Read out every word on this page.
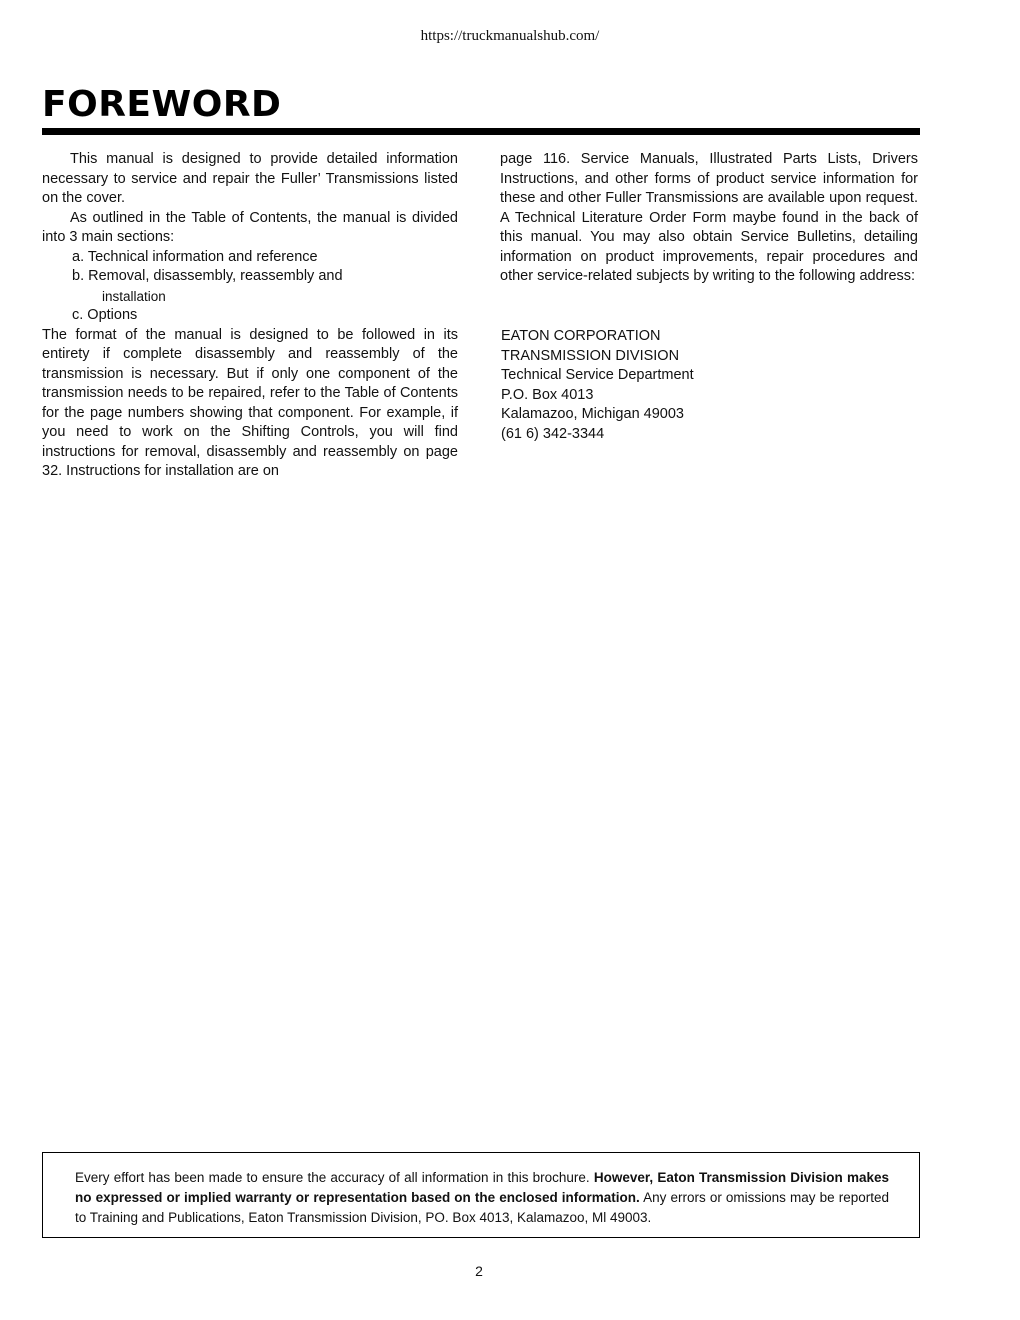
https://truckmanualshub.com/
FOREWORD

This manual is designed to provide detailed information necessary to service and repair the Fuller’ Transmissions listed on the cover.

As outlined in the Table of Contents, the manual is divided into 3 main sections:

a. Technical information and reference

b. Removal, disassembly, reassembly and

installation

c. Options

The format of the manual is designed to be followed in its entirety if complete disassembly and reassembly of the transmission is necessary. But if only one component of the transmission needs to be repaired, refer to the Table of Contents for the page numbers showing that component. For example, if you need to work on the Shifting Controls, you will find instructions for removal, disassembly and reassembly on page 32. Instructions for installation are on

page 116. Service Manuals, Illustrated Parts Lists, Drivers Instructions, and other forms of product service information for these and other Fuller Transmissions are available upon request. A Technical Literature Order Form maybe found in the back of this manual. You may also obtain Service Bulletins, detailing information on product improvements, repair procedures and other service-related subjects by writing to the following address:

EATON CORPORATION
TRANSMISSION DIVISION
Technical Service Department
P.O. Box 4013
Kalamazoo, Michigan 49003
(61 6) 342-3344
Every effort has been made to ensure the accuracy of all information in this brochure. However, Eaton Transmission Division makes no expressed or implied warranty or representation based on the enclosed information. Any errors or omissions may be reported to Training and Publications, Eaton Transmission Division, PO. Box 4013, Kalamazoo, Ml 49003.
2
